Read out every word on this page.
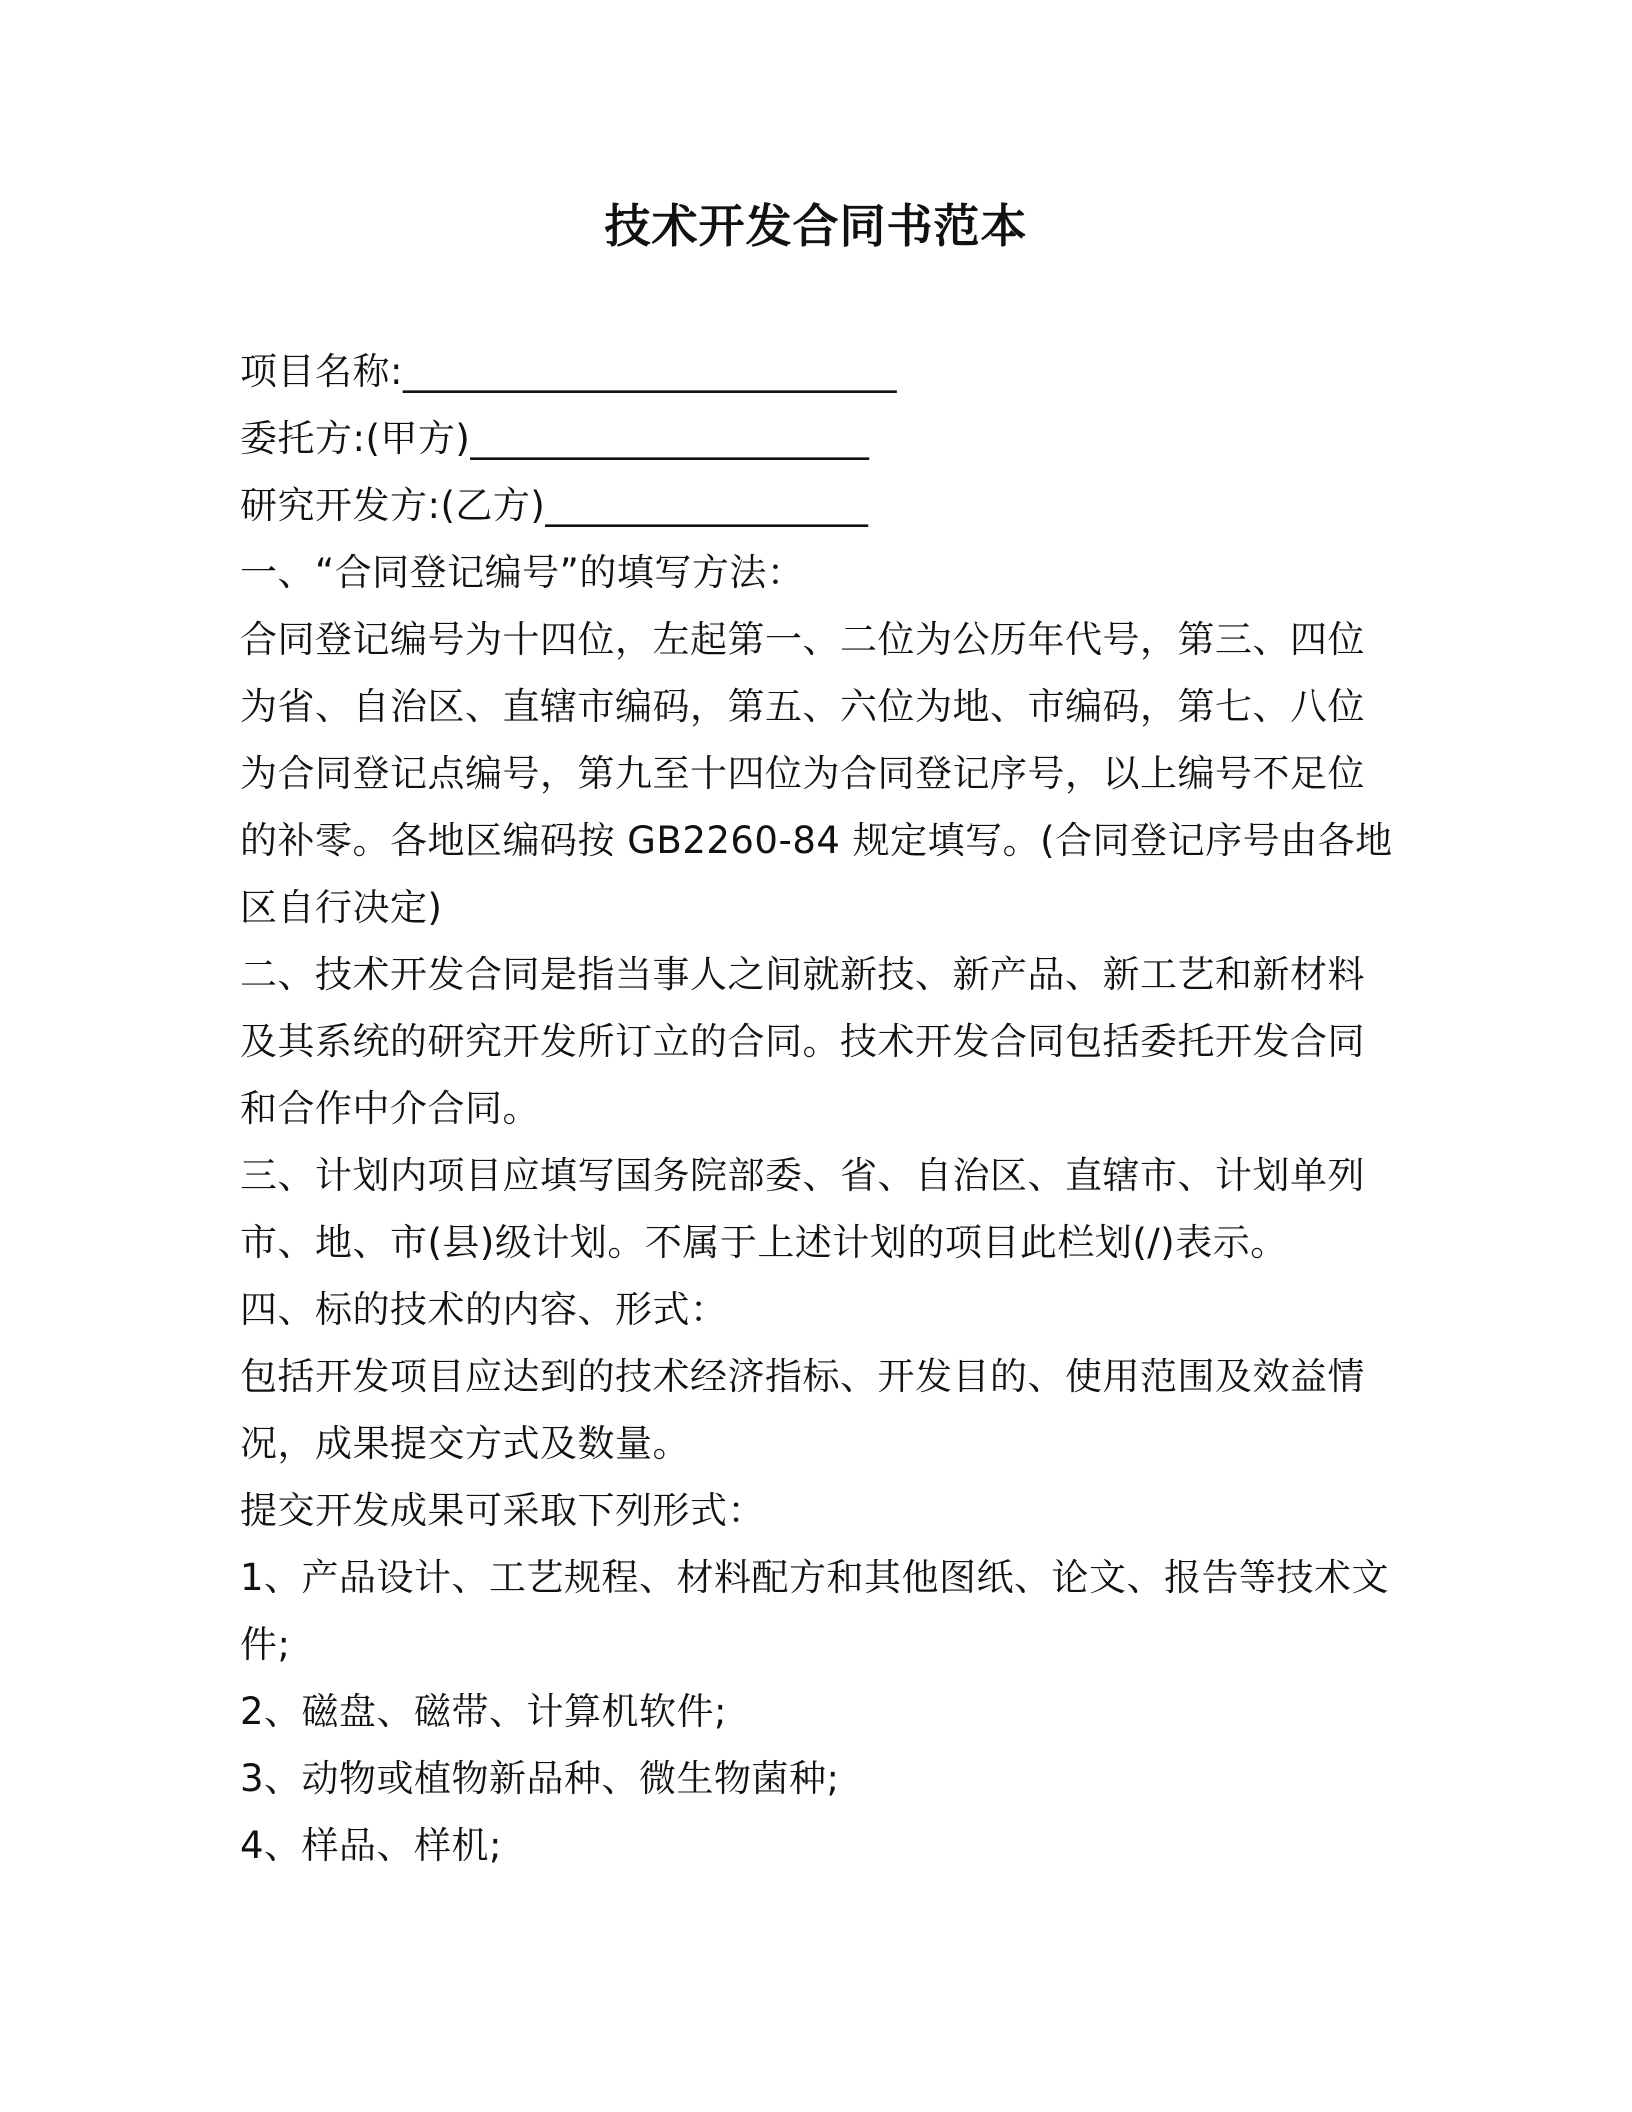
技术开发合同书范本
项目名称:__________________________
委托方:(甲方)_____________________
研究开发方:(乙方)_________________
一、“合同登记编号”的填写方法：
合同登记编号为十四位，左起第一、二位为公历年代号，第三、四位
为省、自治区、直辖市编码，第五、六位为地、市编码，第七、八位
为合同登记点编号，第九至十四位为合同登记序号，以上编号不足位
的补零。各地区编码按 GB2260-84 规定填写。(合同登记序号由各地
区自行决定)
二、技术开发合同是指当事人之间就新技、新产品、新工艺和新材料
及其系统的研究开发所订立的合同。技术开发合同包括委托开发合同
和合作中介合同。
三、计划内项目应填写国务院部委、省、自治区、直辖市、计划单列
市、地、市(县)级计划。不属于上述计划的项目此栏划(/)表示。
四、标的技术的内容、形式：
包括开发项目应达到的技术经济指标、开发目的、使用范围及效益情
况，成果提交方式及数量。
提交开发成果可采取下列形式：
1、产品设计、工艺规程、材料配方和其他图纸、论文、报告等技术文
件;
2、磁盘、磁带、计算机软件;
3、动物或植物新品种、微生物菌种;
4、样品、样机;
